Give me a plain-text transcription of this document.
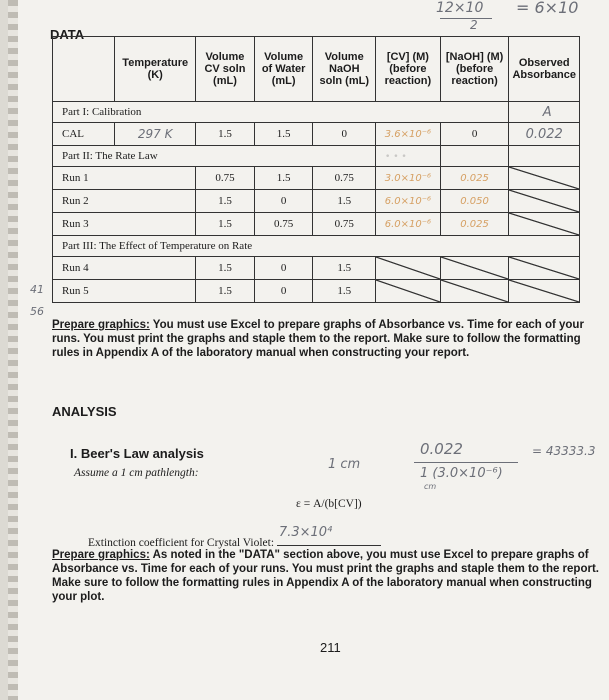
12×10 = 6×10
2
DATA
	Temperature (K)	Volume CV soln (mL)	Volume of Water (mL)	Volume NaOH soln (mL)	[CV] (M) (before reaction)	[NaOH] (M) (before reaction)	Observed Absorbance
Part I: Calibration							A
CAL	297 K	1.5	1.5	0	3.6×10⁻⁶	0	0.022
Part II: The Rate Law					• • •		
Run 1		0.75	1.5	0.75	3.0×10⁻⁶	0.025	
Run 2		1.5	0	1.5	6.0×10⁻⁶	0.050	
Run 3		1.5	0.75	0.75	6.0×10⁻⁶	0.025	
Part III: The Effect of Temperature on Rate							
Run 4		1.5	0	1.5			
Run 5		1.5	0	1.5			
41
56
Prepare graphics: You must use Excel to prepare graphs of Absorbance vs. Time for each of your runs. You must print the graphs and staple them to the report. Make sure to follow the formatting rules in Appendix A of the laboratory manual when constructing your report.
ANALYSIS
I. Beer's Law analysis
Assume a 1 cm pathlength:
1 cm
0.022
1 (3.0×10⁻⁶)
cm
= 43333.3
ε = A/(b[CV])
Extinction coefficient for Crystal Violet:
7.3×10⁴
Prepare graphics: As noted in the "DATA" section above, you must use Excel to prepare graphs of Absorbance vs. Time for each of your runs. You must print the graphs and staple them to the report. Make sure to follow the formatting rules in Appendix A of the laboratory manual when constructing your plot.
211
